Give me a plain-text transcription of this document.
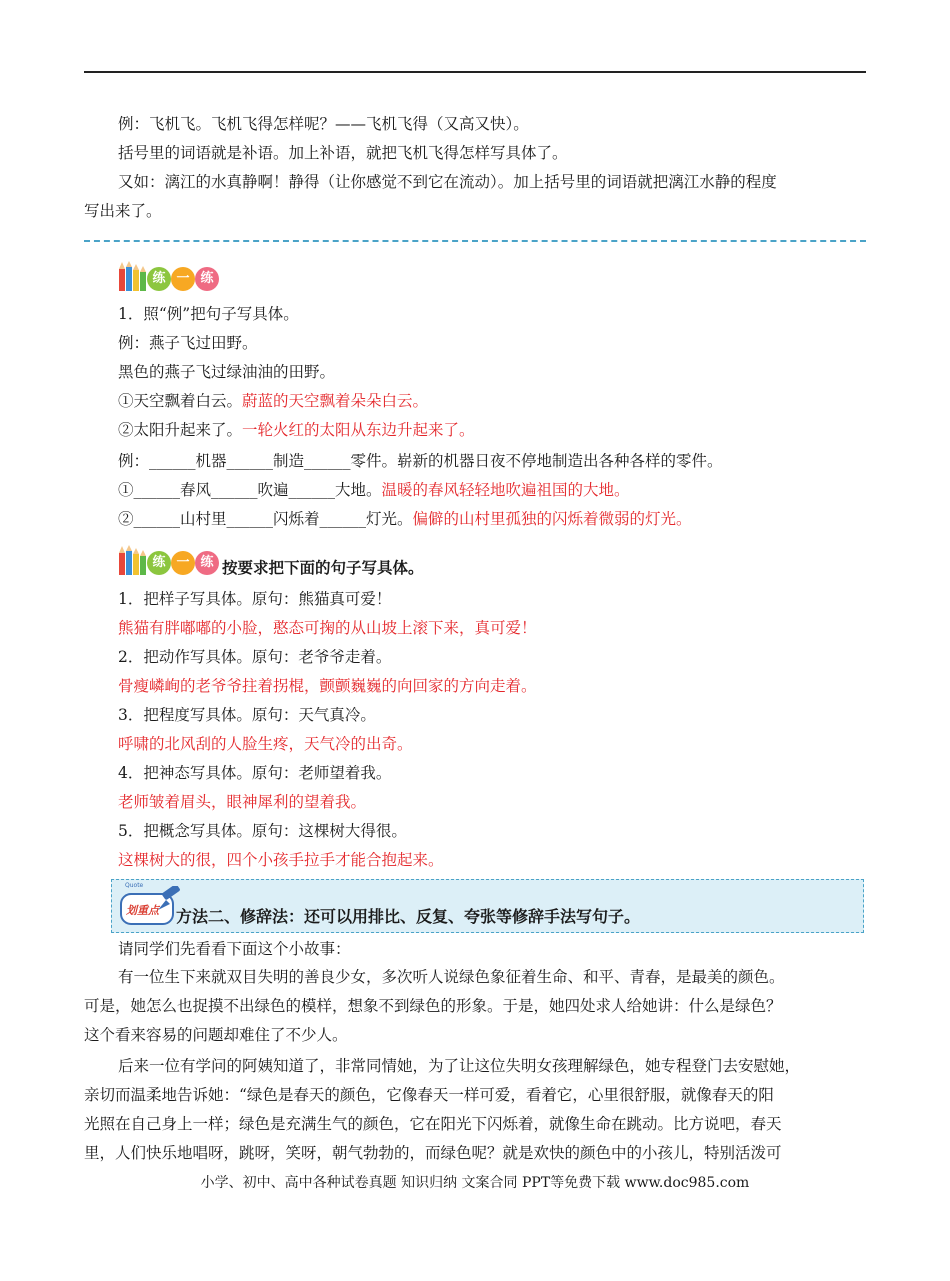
例：飞机飞。飞机飞得怎样呢？——飞机飞得（又高又快）。
括号里的词语就是补语。加上补语，就把飞机飞得怎样写具体了。
又如：漓江的水真静啊！静得（让你感觉不到它在流动）。加上括号里的词语就把漓江水静的程度
写出来了。
练 一 练
1．照“例”把句子写具体。
例：燕子飞过田野。
黑色的燕子飞过绿油油的田野。
①天空飘着白云。蔚蓝的天空飘着朵朵白云。
②太阳升起来了。一轮火红的太阳从东边升起来了。
例：______机器______制造______零件。崭新的机器日夜不停地制造出各种各样的零件。
①______春风______吹遍______大地。温暖的春风轻轻地吹遍祖国的大地。
②______山村里______闪烁着______灯光。偏僻的山村里孤独的闪烁着微弱的灯光。
练 一 练 按要求把下面的句子写具体。
1．把样子写具体。原句：熊猫真可爱！
熊猫有胖嘟嘟的小脸，憨态可掬的从山坡上滚下来，真可爱！
2．把动作写具体。原句：老爷爷走着。
骨瘦嶙峋的老爷爷拄着拐棍，颤颤巍巍的向回家的方向走着。
3．把程度写具体。原句：天气真冷。
呼啸的北风刮的人脸生疼，天气冷的出奇。
4．把神态写具体。原句：老师望着我。
老师皱着眉头，眼神犀利的望着我。
5．把概念写具体。原句：这棵树大得很。
这棵树大的很，四个小孩手拉手才能合抱起来。
Quote
划重点 方法二、修辞法：还可以用排比、反复、夸张等修辞手法写句子。
请同学们先看看下面这个小故事：
有一位生下来就双目失明的善良少女，多次听人说绿色象征着生命、和平、青春，是最美的颜色。
可是，她怎么也捉摸不出绿色的模样，想象不到绿色的形象。于是，她四处求人给她讲：什么是绿色？
这个看来容易的问题却难住了不少人。
后来一位有学问的阿姨知道了，非常同情她，为了让这位失明女孩理解绿色，她专程登门去安慰她，
亲切而温柔地告诉她：“绿色是春天的颜色，它像春天一样可爱，看着它，心里很舒服，就像春天的阳
光照在自己身上一样；绿色是充满生气的颜色，它在阳光下闪烁着，就像生命在跳动。比方说吧，春天
里，人们快乐地唱呀，跳呀，笑呀，朝气勃勃的，而绿色呢？就是欢快的颜色中的小孩儿，特别活泼可
小学、初中、高中各种试卷真题 知识归纳 文案合同 PPT等免费下载 www.doc985.com
